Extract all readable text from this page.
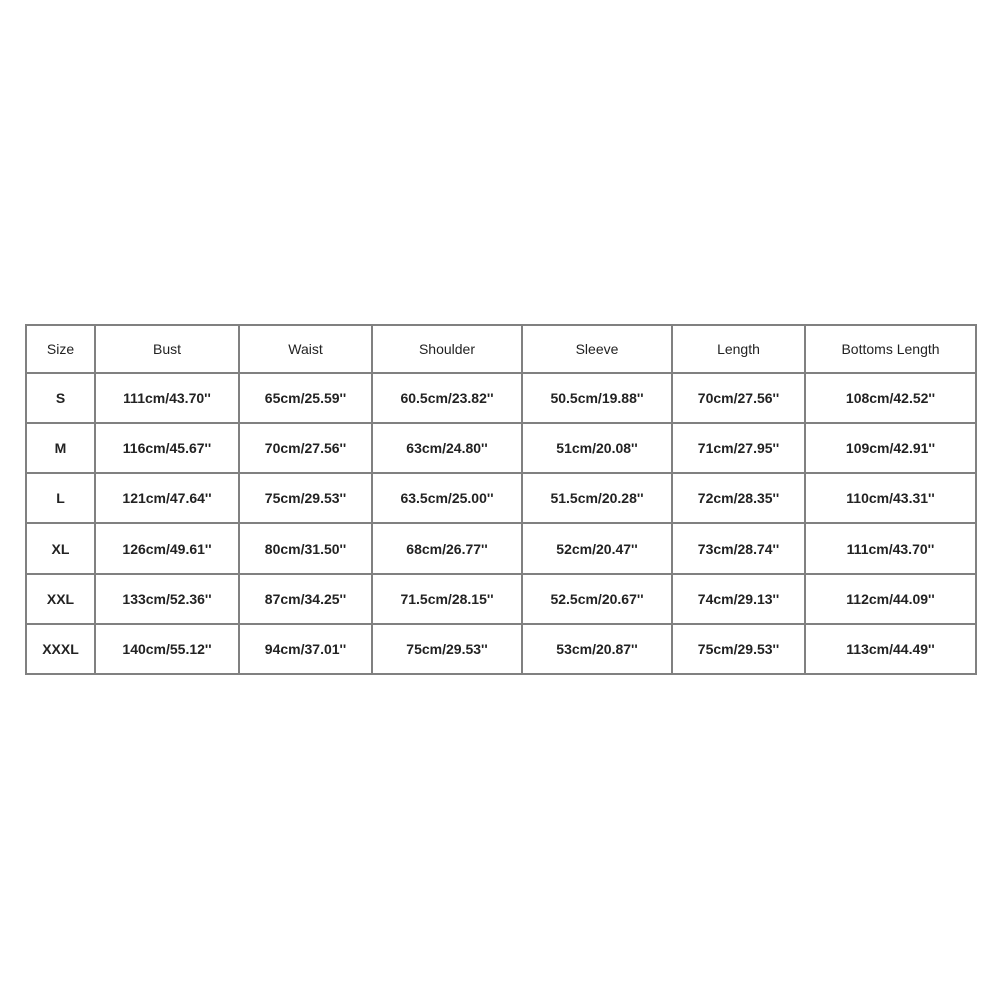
Size	Bust	Waist	Shoulder	Sleeve	Length	Bottoms Length
S	111cm/43.70''	65cm/25.59''	60.5cm/23.82''	50.5cm/19.88''	70cm/27.56''	108cm/42.52''
M	116cm/45.67''	70cm/27.56''	63cm/24.80''	51cm/20.08''	71cm/27.95''	109cm/42.91''
L	121cm/47.64''	75cm/29.53''	63.5cm/25.00''	51.5cm/20.28''	72cm/28.35''	110cm/43.31''
XL	126cm/49.61''	80cm/31.50''	68cm/26.77''	52cm/20.47''	73cm/28.74''	111cm/43.70''
XXL	133cm/52.36''	87cm/34.25''	71.5cm/28.15''	52.5cm/20.67''	74cm/29.13''	112cm/44.09''
XXXL	140cm/55.12''	94cm/37.01''	75cm/29.53''	53cm/20.87''	75cm/29.53''	113cm/44.49''
